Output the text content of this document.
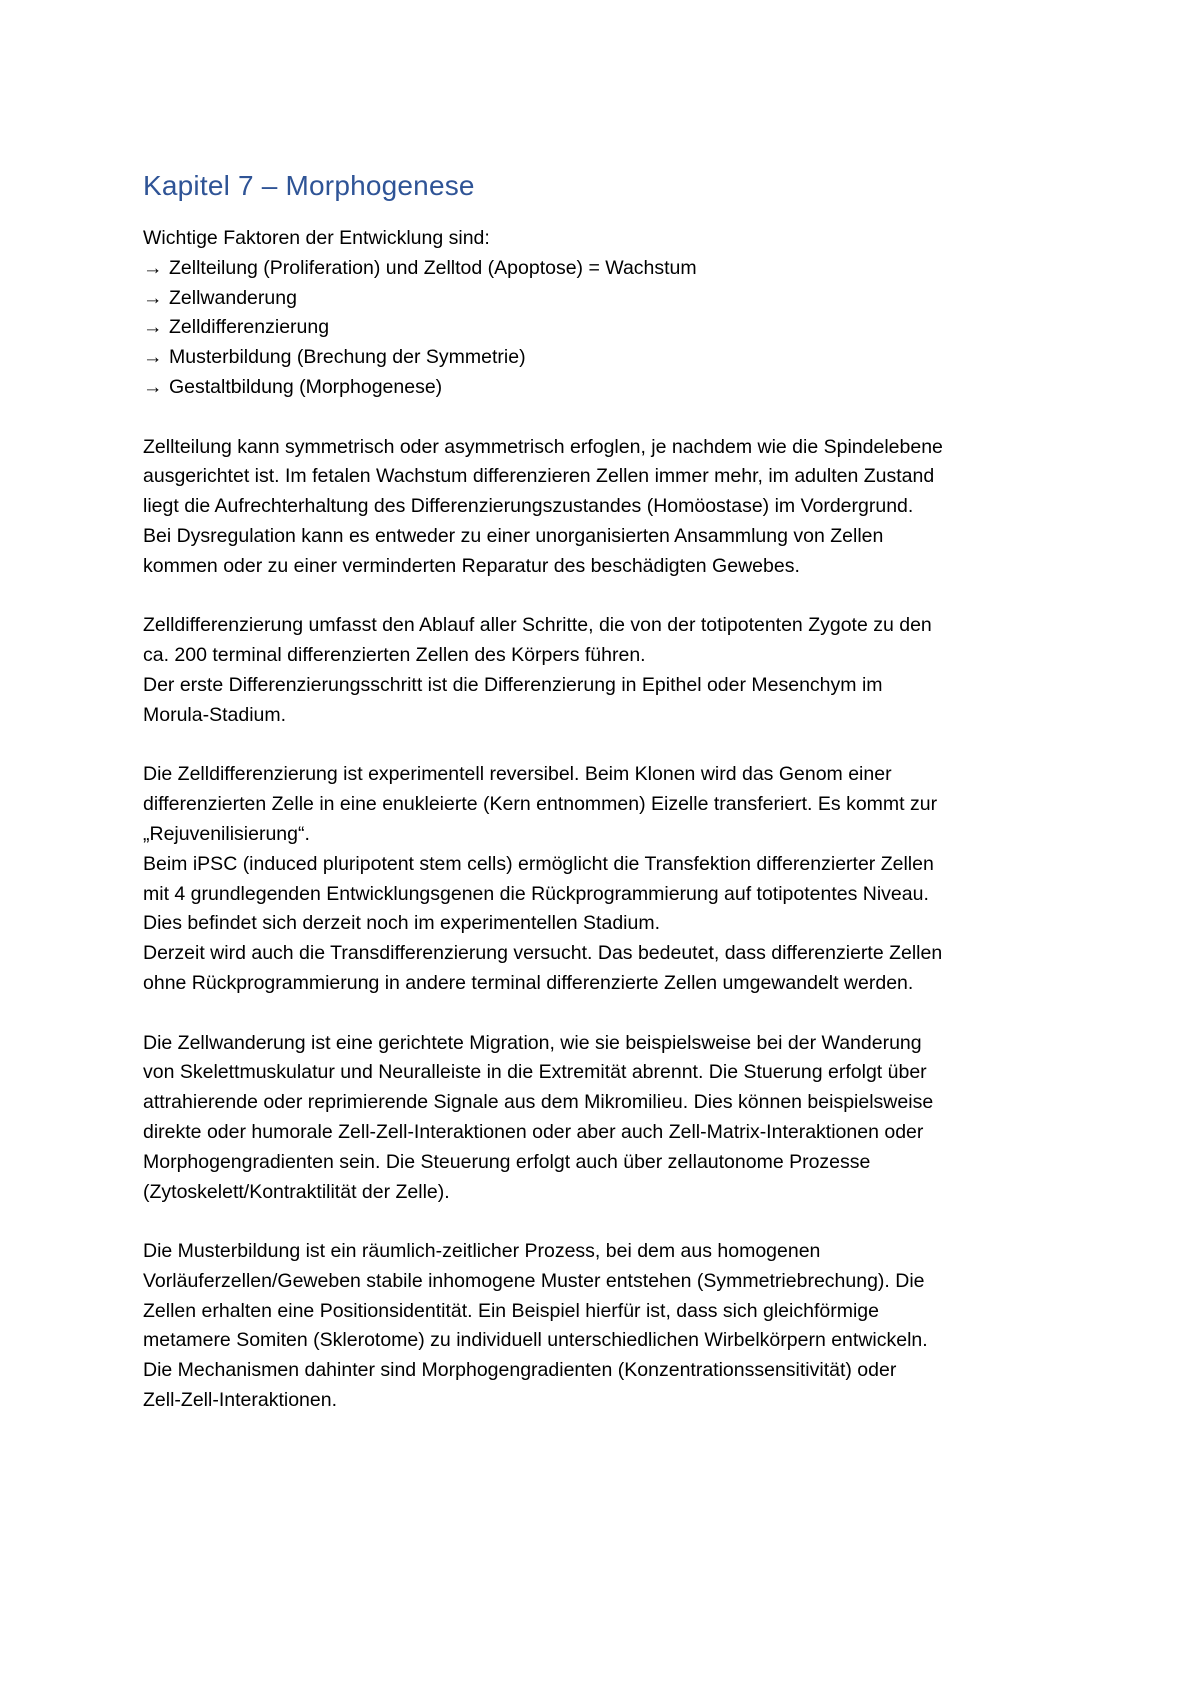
Kapitel 7 – Morphogenese

Wichtige Faktoren der Entwicklung sind:

→ Zellteilung (Proliferation) und Zelltod (Apoptose) = Wachstum
→ Zellwanderung
→ Zelldifferenzierung
→ Musterbildung (Brechung der Symmetrie)
→ Gestaltbildung (Morphogenese)

Zellteilung kann symmetrisch oder asymmetrisch erfoglen, je nachdem wie die Spindelebene

ausgerichtet ist. Im fetalen Wachstum differenzieren Zellen immer mehr, im adulten Zustand

liegt die Aufrechterhaltung des Differenzierungszustandes (Homöostase) im Vordergrund.

Bei Dysregulation kann es entweder zu einer unorganisierten Ansammlung von Zellen

kommen oder zu einer verminderten Reparatur des beschädigten Gewebes.

Zelldifferenzierung umfasst den Ablauf aller Schritte, die von der totipotenten Zygote zu den

ca. 200 terminal differenzierten Zellen des Körpers führen.

Der erste Differenzierungsschritt ist die Differenzierung in Epithel oder Mesenchym im

Morula-Stadium.

Die Zelldifferenzierung ist experimentell reversibel. Beim Klonen wird das Genom einer

differenzierten Zelle in eine enukleierte (Kern entnommen) Eizelle transferiert. Es kommt zur

„Rejuvenilisierung“.

Beim iPSC (induced pluripotent stem cells) ermöglicht die Transfektion differenzierter Zellen

mit 4 grundlegenden Entwicklungsgenen die Rückprogrammierung auf totipotentes Niveau.

Dies befindet sich derzeit noch im experimentellen Stadium.

Derzeit wird auch die Transdifferenzierung versucht. Das bedeutet, dass differenzierte Zellen

ohne Rückprogrammierung in andere terminal differenzierte Zellen umgewandelt werden.

Die Zellwanderung ist eine gerichtete Migration, wie sie beispielsweise bei der Wanderung

von Skelettmuskulatur und Neuralleiste in die Extremität abrennt. Die Stuerung erfolgt über

attrahierende oder reprimierende Signale aus dem Mikromilieu. Dies können beispielsweise

direkte oder humorale Zell-Zell-Interaktionen oder aber auch Zell-Matrix-Interaktionen oder

Morphogengradienten sein. Die Steuerung erfolgt auch über zellautonome Prozesse

(Zytoskelett/Kontraktilität der Zelle).

Die Musterbildung ist ein räumlich-zeitlicher Prozess, bei dem aus homogenen

Vorläuferzellen/Geweben stabile inhomogene Muster entstehen (Symmetriebrechung). Die

Zellen erhalten eine Positionsidentität. Ein Beispiel hierfür ist, dass sich gleichförmige

metamere Somiten (Sklerotome) zu individuell unterschiedlichen Wirbelkörpern entwickeln.

Die Mechanismen dahinter sind Morphogengradienten (Konzentrationssensitivität) oder

Zell-Zell-Interaktionen.
